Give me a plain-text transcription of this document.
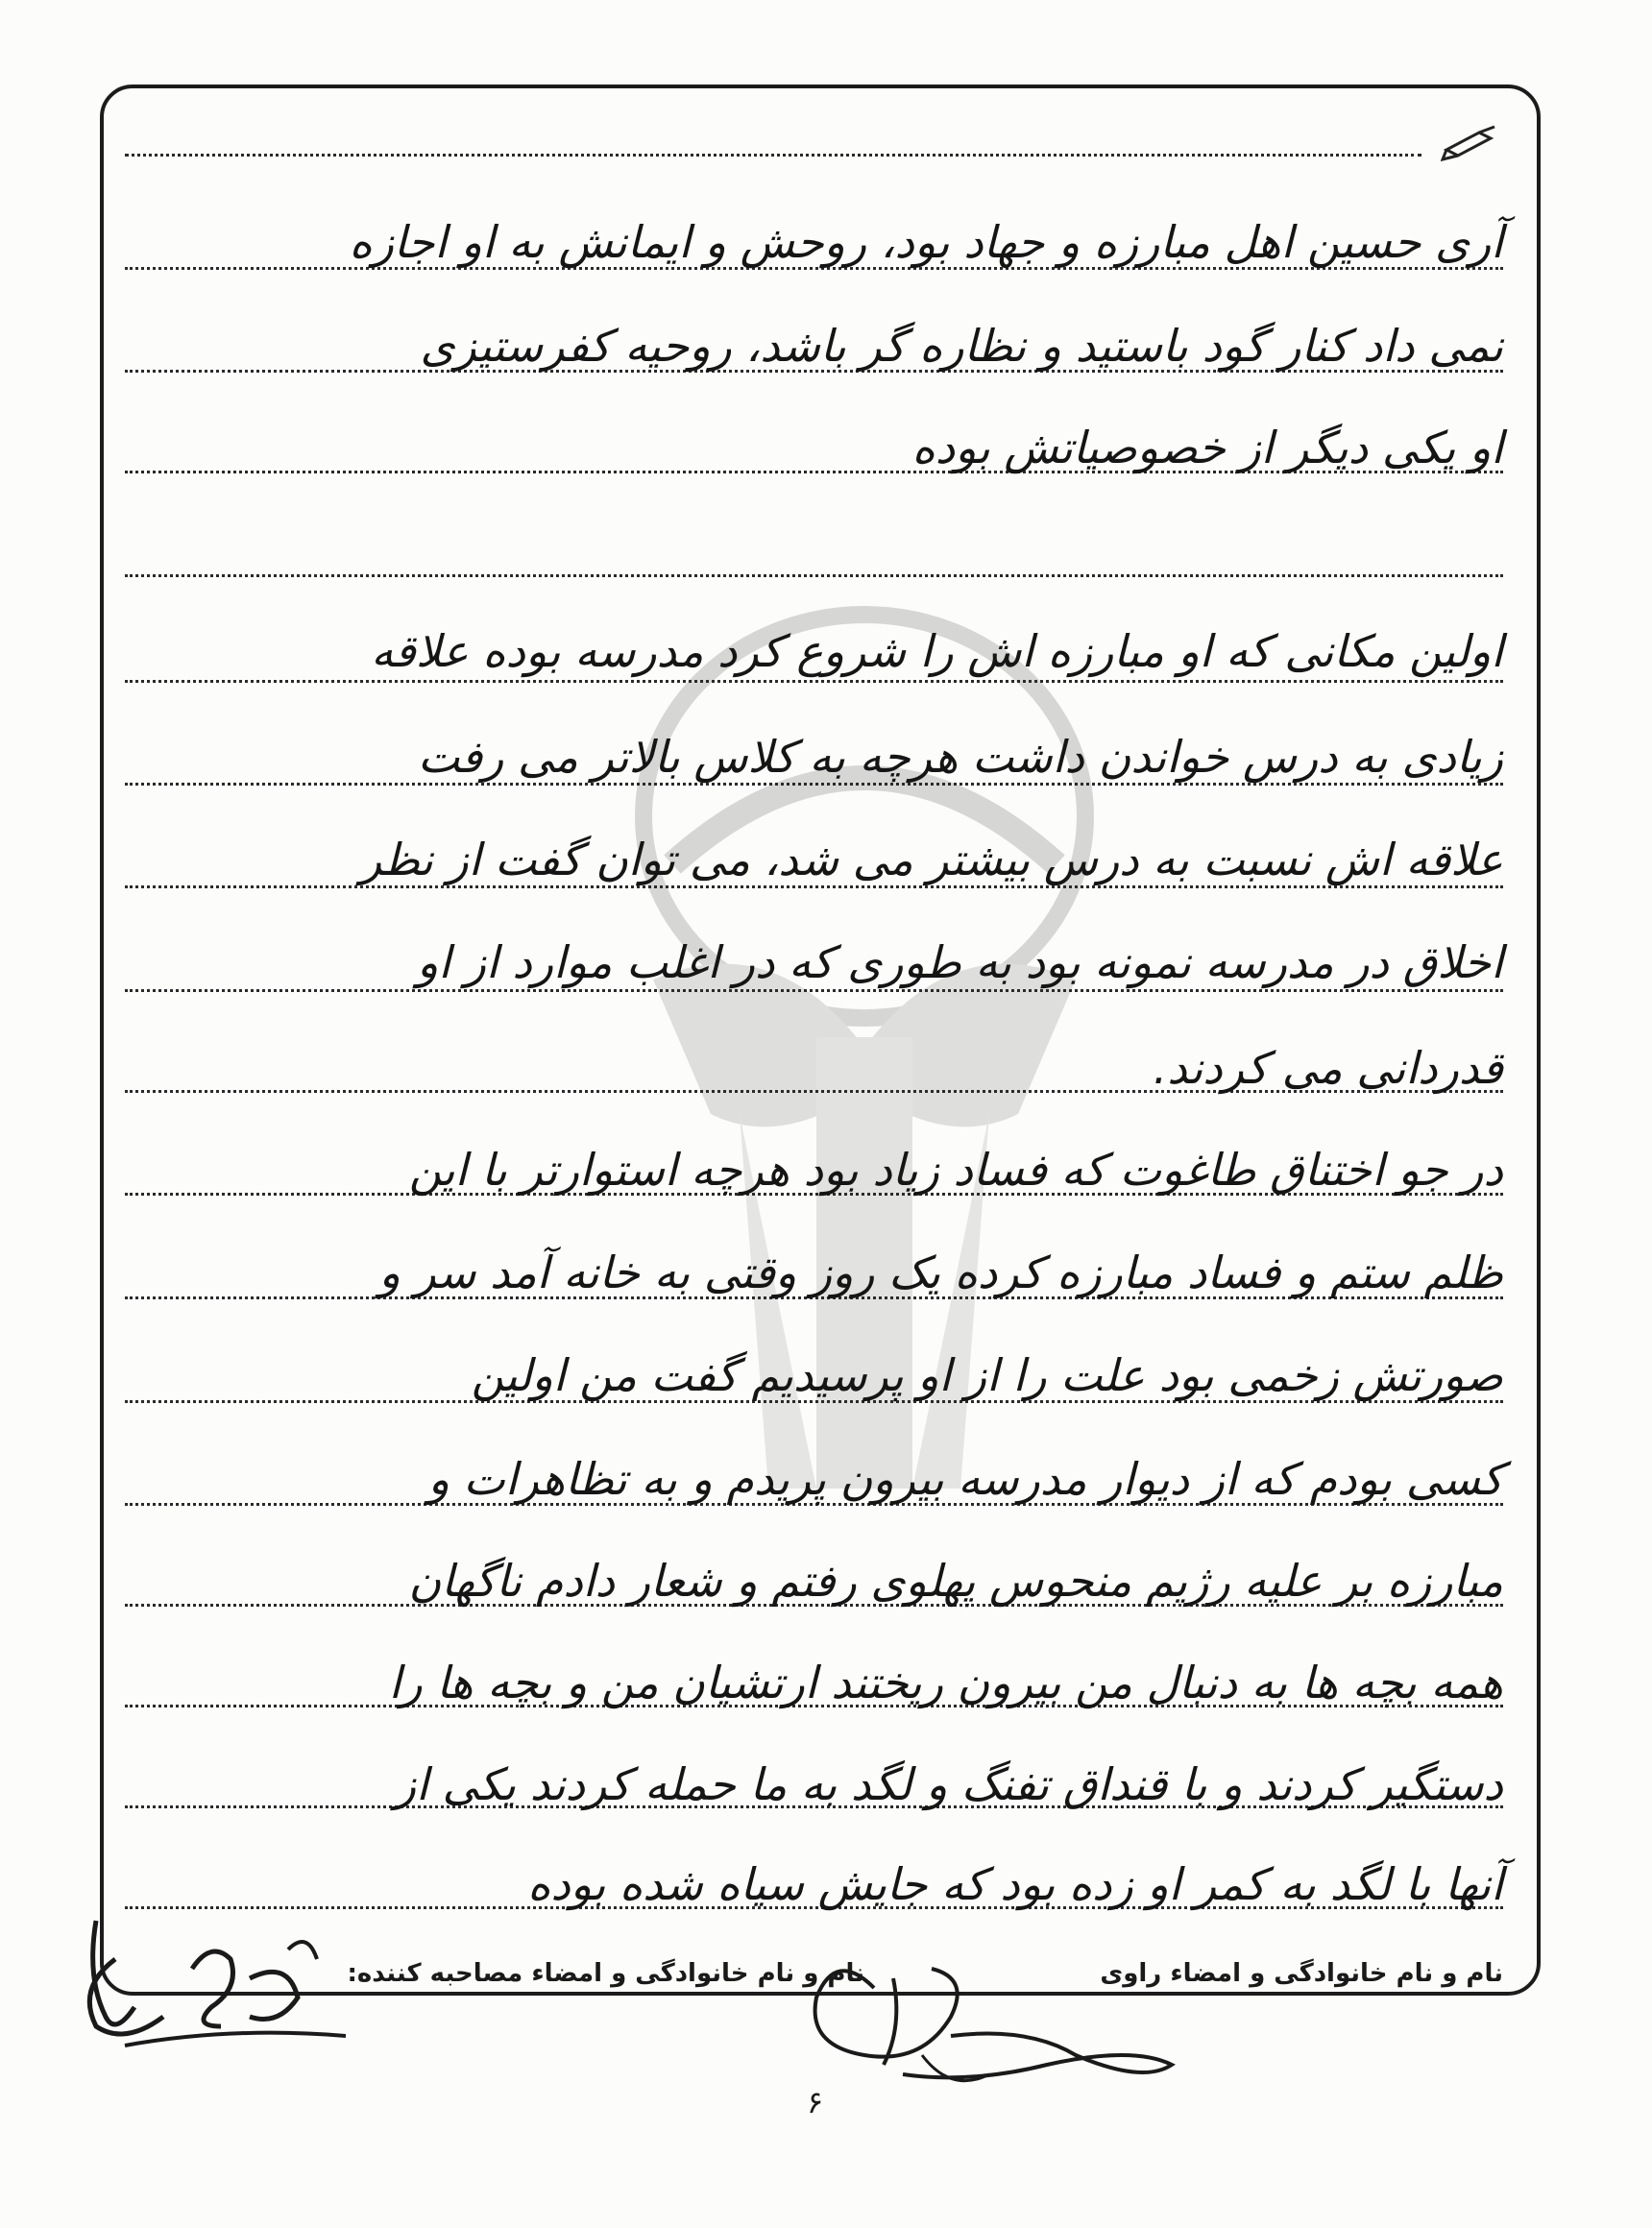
آری حسین اهل مبارزه و جهاد بود، روحش و ایمانش به او اجازه
نمی داد کنار گود باستید و نظاره گر باشد، روحیه کفرستیزی
او یکی دیگر از خصوصیاتش بوده
اولین مکانی که او مبارزه اش را شروع کرد مدرسه بوده علاقه
زیادی به درس خواندن داشت هرچه به کلاس بالاتر می رفت
علاقه اش نسبت به درس بیشتر می شد، می توان گفت از نظر
اخلاق در مدرسه نمونه بود به طوری که در اغلب موارد از او
قدردانی می کردند.
در جو اختناق طاغوت که فساد زیاد بود هرچه استوارتر با این
ظلم ستم و فساد مبارزه کرده یک روز وقتی به خانه آمد سر و
صورتش زخمی بود علت را از او پرسیدیم گفت من اولین
کسی بودم که از دیوار مدرسه بیرون پریدم و به تظاهرات و
مبارزه بر علیه رژیم منحوس پهلوی رفتم و شعار دادم ناگهان
همه بچه ها به دنبال من بیرون ریختند ارتشیان من و بچه ها را
دستگیر کردند و با قنداق تفنگ و لگد به ما حمله کردند یکی از
آنها با لگد به کمر او زده بود که جایش سیاه شده بوده
نام و نام خانوادگی و امضاء راوی
نام و نام خانوادگی و امضاء مصاحبه کننده:
۶
